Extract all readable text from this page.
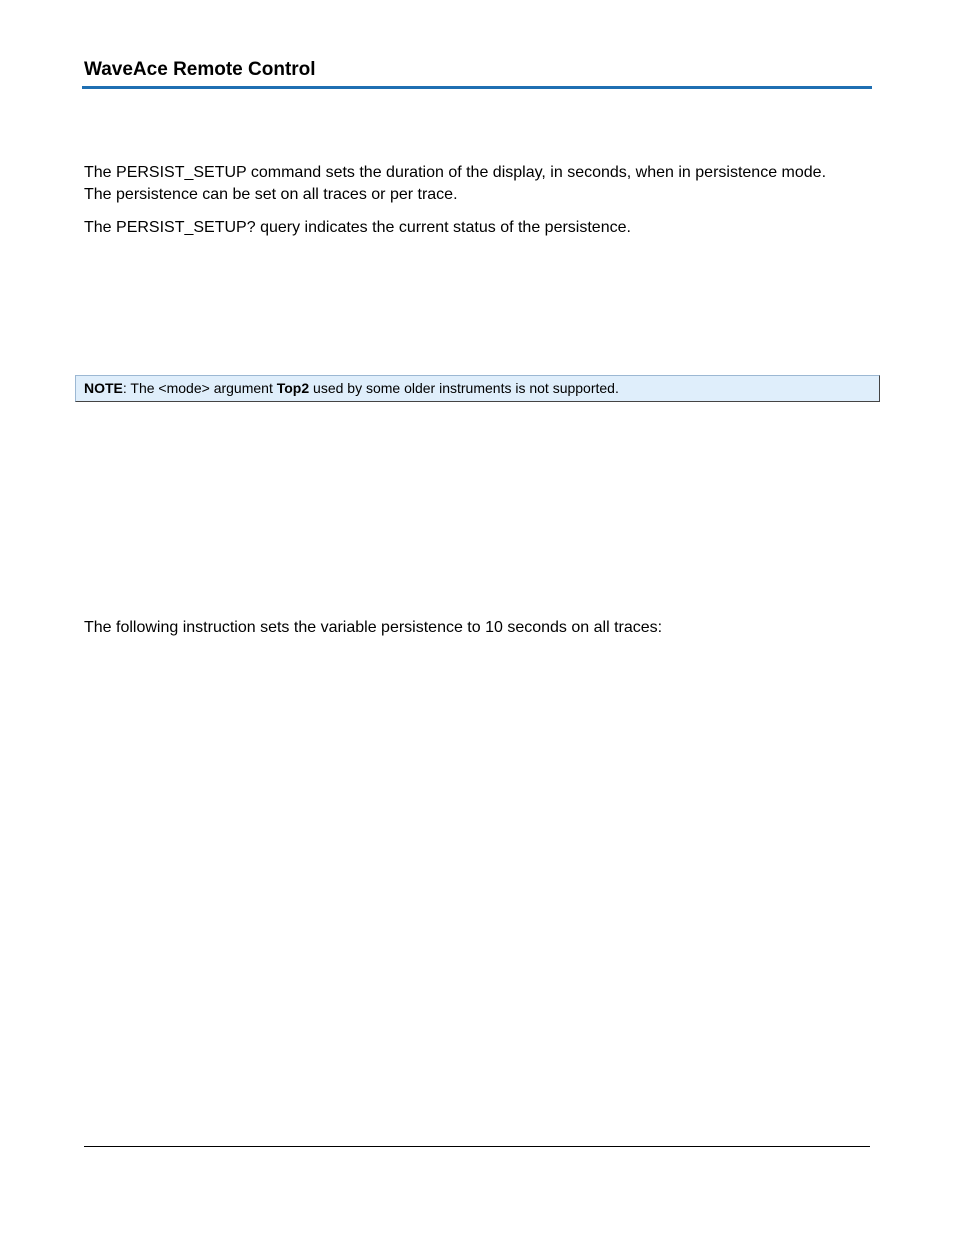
WaveAce Remote Control
The PERSIST_SETUP command sets the duration of the display, in seconds, when in persistence mode.
The persistence can be set on all traces or per trace.
The PERSIST_SETUP? query indicates the current status of the persistence.
NOTE: The <mode> argument Top2 used by some older instruments is not supported.
The following instruction sets the variable persistence to 10 seconds on all traces:
